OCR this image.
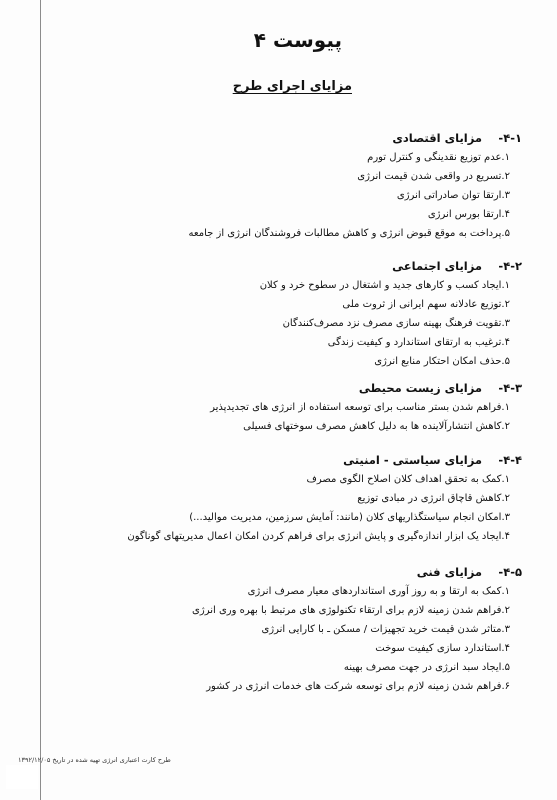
طرح کارت اعتباری انرژی تهیه شده در تاریخ ۱۳۹۲/۱۲/۰۵
پیوست ۴
مزایای اجرای طرح
۴-۱- مزایای اقتصادی
۱.عدم توزیع نقدینگی و کنترل تورم
۲.تسریع در واقعی شدن قیمت انرژی
۳.ارتقا توان صادراتی انرژی
۴.ارتقا بورس انرژی
۵.پرداخت به موقع قبوض انرژی و کاهش مطالبات فروشندگان انرژی از جامعه
۴-۲- مزایای اجتماعی
۱.ایجاد کسب و کارهای جدید و اشتغال در سطوح خرد و کلان
۲.توزیع عادلانه سهم ایرانی از ثروت ملی
۳.تقویت فرهنگ بهینه سازی مصرف نزد مصرف‌کنندگان
۴.ترغیب به ارتقای استاندارد و کیفیت زندگی
۵.حذف امکان احتکار منابع انرژی
۴-۳- مزایای زیست محیطی
۱.فراهم شدن بستر مناسب برای توسعه استفاده از انرژی های تجدیدپذیر
۲.کاهش انتشارآلاینده ها به دلیل کاهش مصرف سوختهای فسیلی
۴-۴- مزایای سیاستی - امنیتی
۱.کمک به تحقق اهداف کلان اصلاح الگوی مصرف
۲.کاهش قاچاق انرژی در مبادی توزیع
۳.امکان انجام سیاستگذاریهای کلان (مانند: آمایش سرزمین، مدیریت موالید...)
۴.ایجاد یک ابزار اندازه‌گیری و پایش انرژی برای فراهم کردن امکان اعمال مدیریتهای گوناگون
۴-۵- مزایای فنی
۱.کمک به ارتقا و به روز آوری استانداردهای معیار مصرف انرژی
۲.فراهم شدن زمینه لازم برای ارتقاء تکنولوژی های مرتبط با بهره وری انرژی
۳.متاثر شدن قیمت خرید تجهیزات / مسکن ـ با کارایی انرژی
۴.استاندارد سازی کیفیت سوخت
۵.ایجاد سبد انرژی در جهت مصرف بهینه
۶.فراهم شدن زمینه لازم برای توسعه شرکت های خدمات انرژی در کشور
